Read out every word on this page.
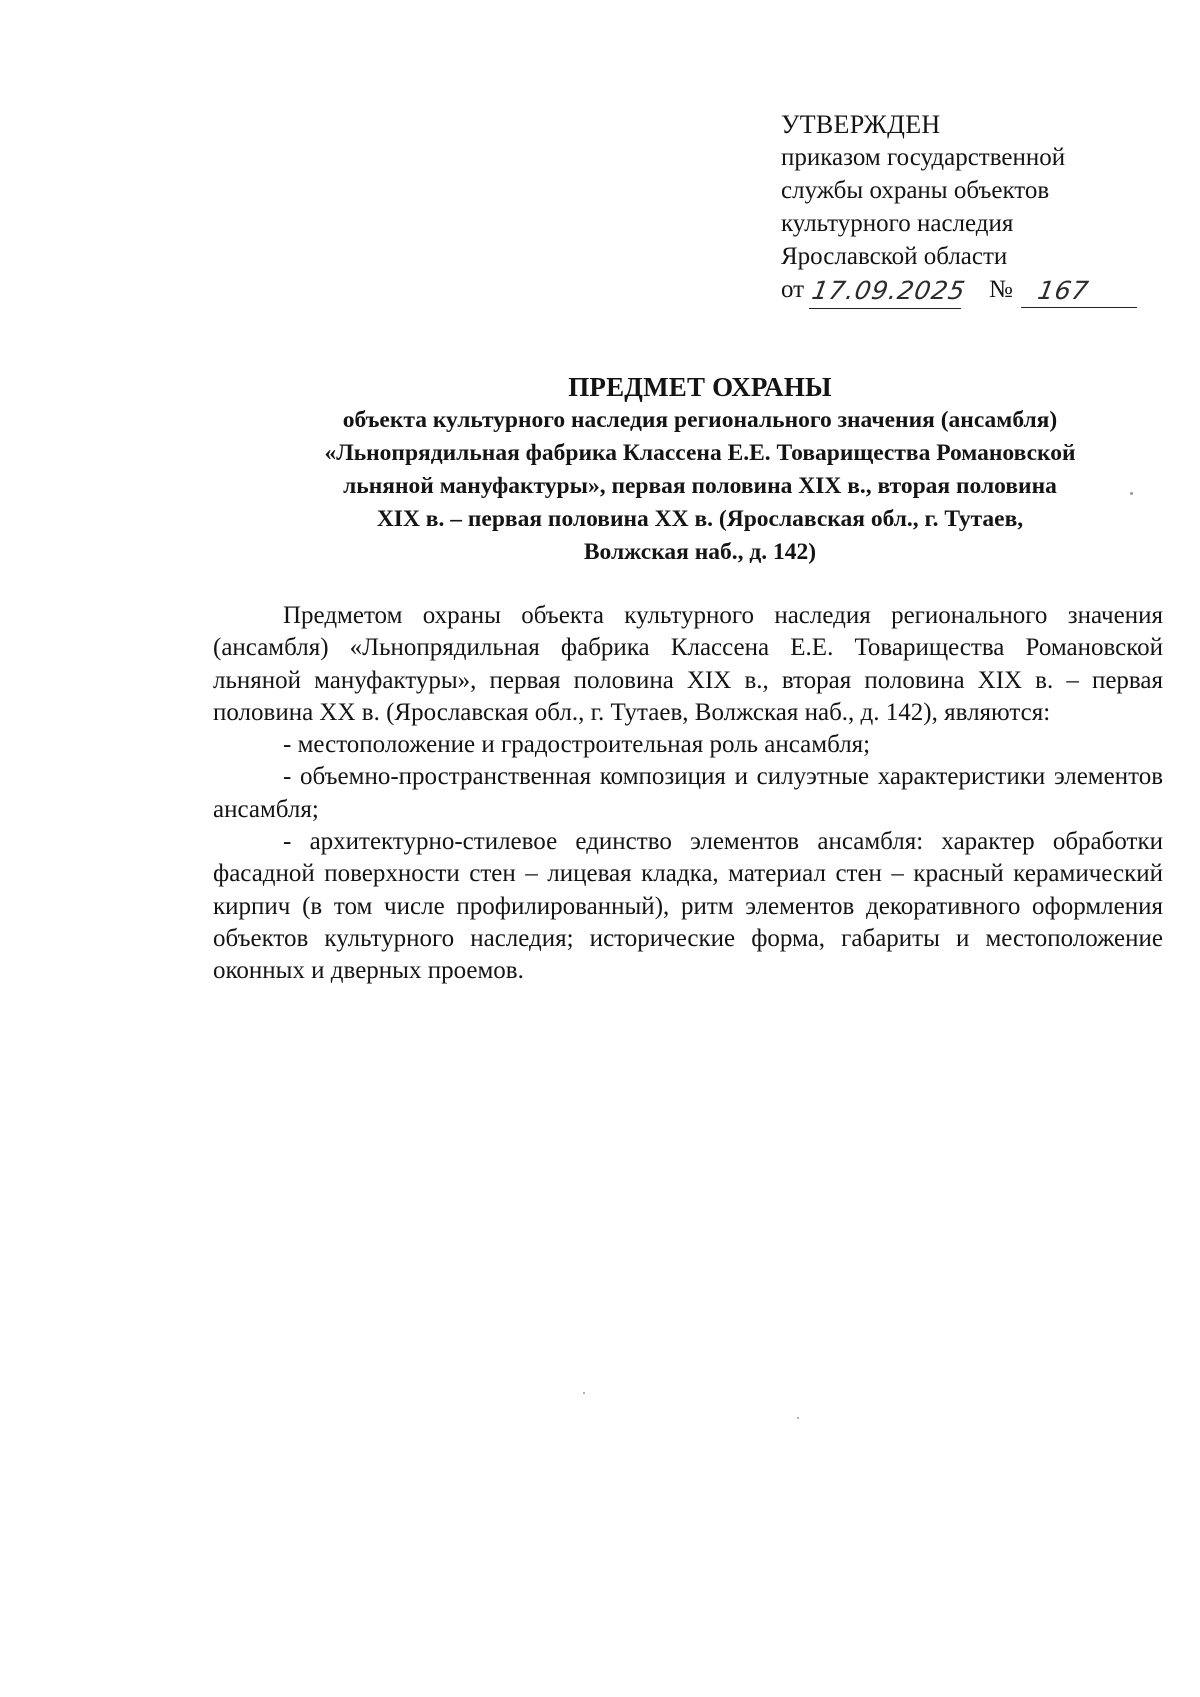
УТВЕРЖДЕН
приказом государственной
службы охраны объектов
культурного наследия
Ярославской области
от 17.09.2025 № 167
ПРЕДМЕТ ОХРАНЫ
объекта культурного наследия регионального значения (ансамбля)
«Льнопрядильная фабрика Классена Е.Е. Товарищества Романовской
льняной мануфактуры», первая половина XIX в., вторая половина
XIX в. – первая половина XX в. (Ярославская обл., г. Тутаев,
Волжская наб., д. 142)

Предметом охраны объекта культурного наследия регионального значения (ансамбля) «Льнопрядильная фабрика Классена Е.Е. Товарищества Романовской льняной мануфактуры», первая половина XIX в., вторая половина XIX в. – первая половина XX в. (Ярославская обл., г. Тутаев, Волжская наб., д. 142), являются:

- местоположение и градостроительная роль ансамбля;

- объемно-пространственная композиция и силуэтные характеристики элементов ансамбля;

- архитектурно-стилевое единство элементов ансамбля: характер обработки фасадной поверхности стен – лицевая кладка, материал стен – красный керамический кирпич (в том числе профилированный), ритм элементов декоративного оформления объектов культурного наследия; исторические форма, габариты и местоположение оконных и дверных проемов.
